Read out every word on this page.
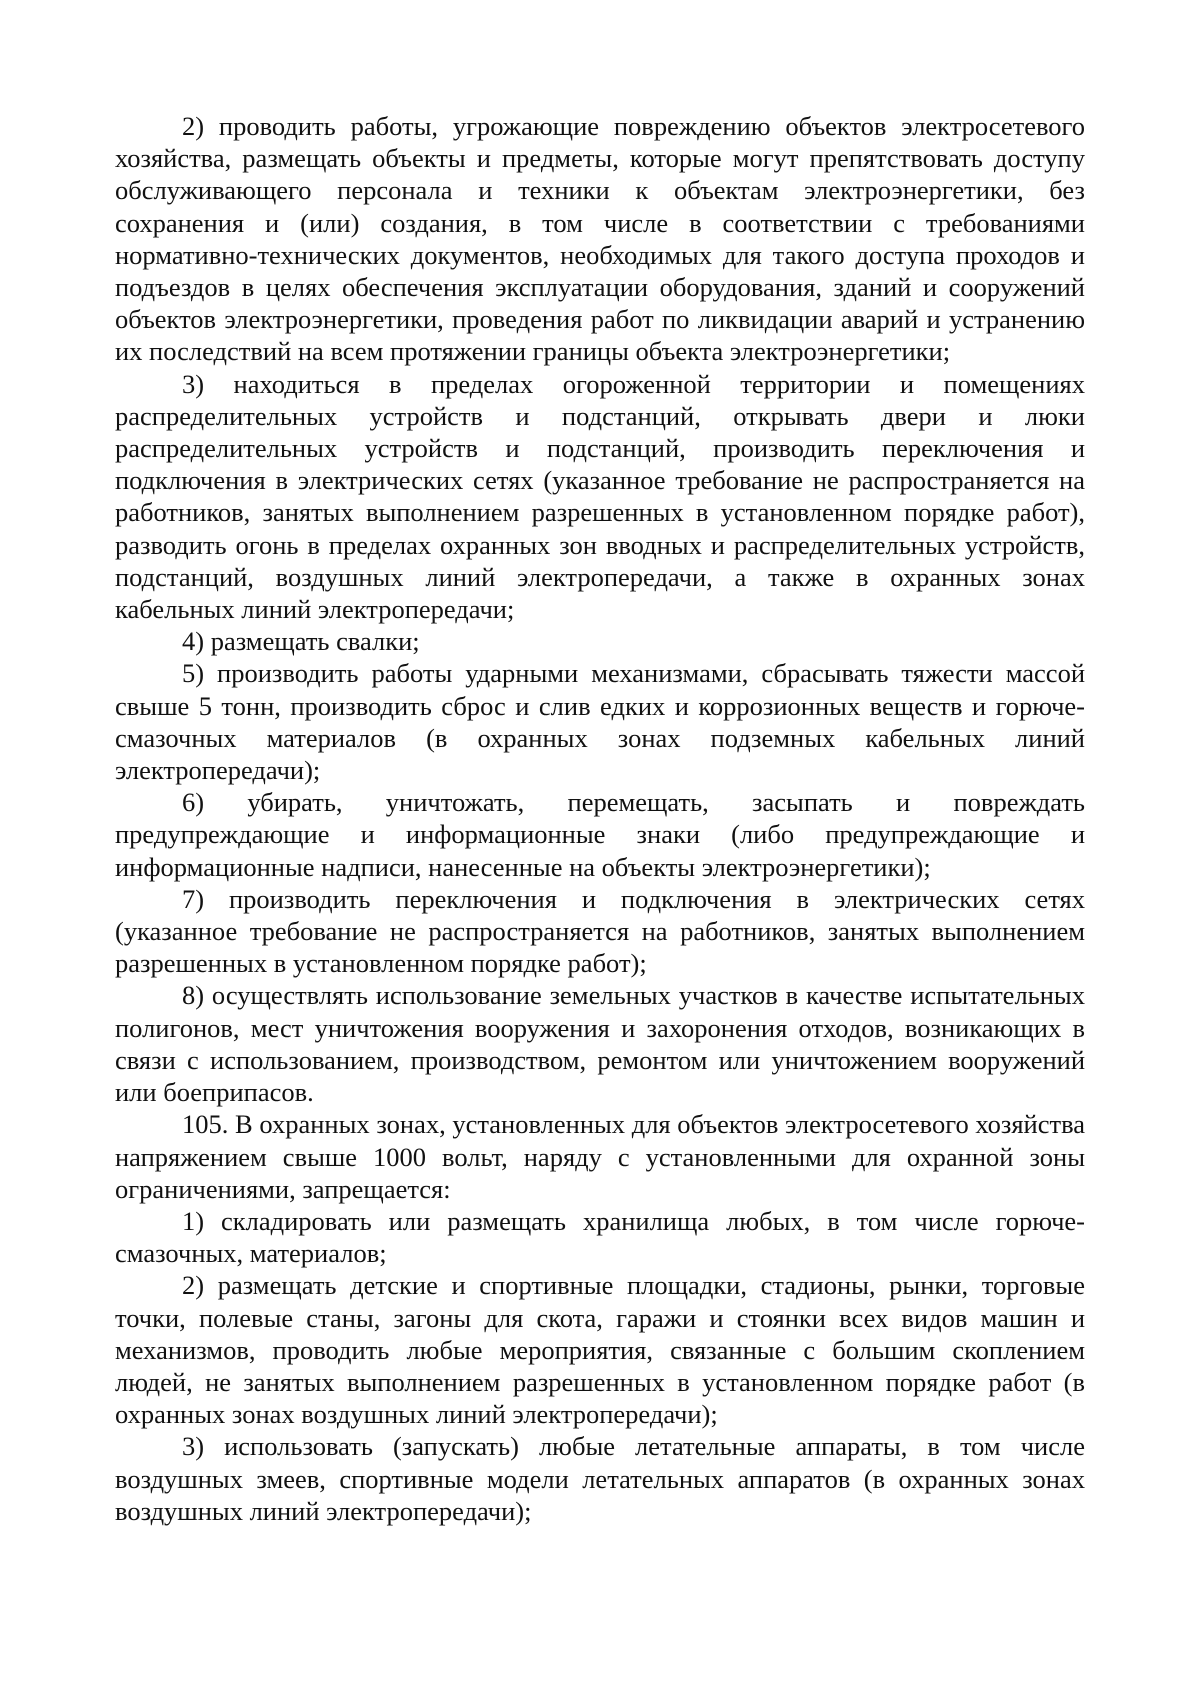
2) проводить работы, угрожающие повреждению объектов электросетевого хозяйства, размещать объекты и предметы, которые могут препятствовать доступу обслуживающего персонала и техники к объектам электроэнергетики, без сохранения и (или) создания, в том числе в соответствии с требованиями нормативно-технических документов, необходимых для такого доступа проходов и подъездов в целях обеспечения эксплуатации оборудования, зданий и сооружений объектов электроэнергетики, проведения работ по ликвидации аварий и устранению их последствий на всем протяжении границы объекта электроэнергетики;

3) находиться в пределах огороженной территории и помещениях распределительных устройств и подстанций, открывать двери и люки распределительных устройств и подстанций, производить переключения и подключения в электрических сетях (указанное требование не распространяется на работников, занятых выполнением разрешенных в установленном порядке работ), разводить огонь в пределах охранных зон вводных и распределительных устройств, подстанций, воздушных линий электропередачи, а также в охранных зонах кабельных линий электропередачи;

4) размещать свалки;

5) производить работы ударными механизмами, сбрасывать тяжести массой свыше 5 тонн, производить сброс и слив едких и коррозионных веществ и горюче-смазочных материалов (в охранных зонах подземных кабельных линий электропередачи);

6) убирать, уничтожать, перемещать, засыпать и повреждать предупреждающие и информационные знаки (либо предупреждающие и информационные надписи, нанесенные на объекты электроэнергетики);

7) производить переключения и подключения в электрических сетях (указанное требование не распространяется на работников, занятых выполнением разрешенных в установленном порядке работ);

8) осуществлять использование земельных участков в качестве испытательных полигонов, мест уничтожения вооружения и захоронения отходов, возникающих в связи с использованием, производством, ремонтом или уничтожением вооружений или боеприпасов.

105. В охранных зонах, установленных для объектов электросетевого хозяйства напряжением свыше 1000 вольт, наряду с установленными для охранной зоны ограничениями, запрещается:

1) складировать или размещать хранилища любых, в том числе горюче-смазочных, материалов;

2) размещать детские и спортивные площадки, стадионы, рынки, торговые точки, полевые станы, загоны для скота, гаражи и стоянки всех видов машин и механизмов, проводить любые мероприятия, связанные с большим скоплением людей, не занятых выполнением разрешенных в установленном порядке работ (в охранных зонах воздушных линий электропередачи);

3) использовать (запускать) любые летательные аппараты, в том числе воздушных змеев, спортивные модели летательных аппаратов (в охранных зонах воздушных линий электропередачи);
